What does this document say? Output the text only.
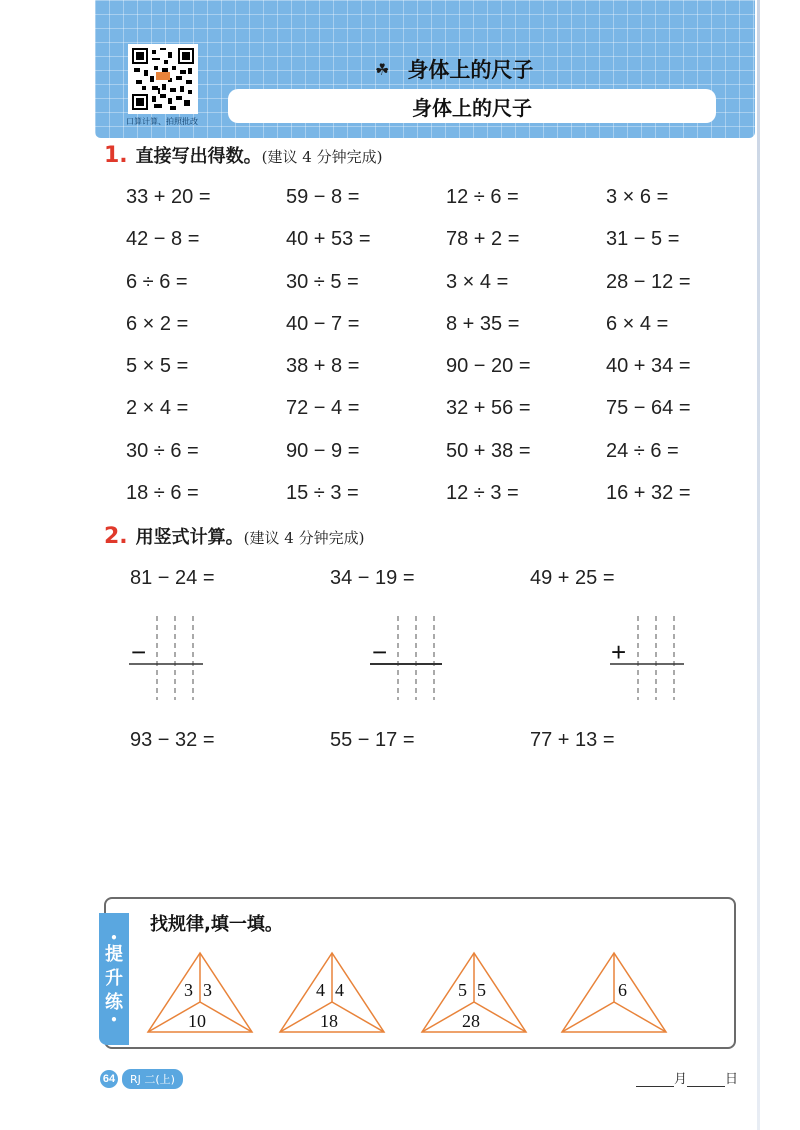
口算计算、拍照批改
☘ 身体上的尺子
身体上的尺子
1. 直接写出得数。 (建议 4 分钟完成)
33 + 20 =	59 − 8 =	12 ÷ 6 =	3 × 6 =
42 − 8 =	40 + 53 =	78 + 2 =	31 − 5 =
6 ÷ 6 =	30 ÷ 5 =	3 × 4 =	28 − 12 =
6 × 2 =	40 − 7 =	8 + 35 =	6 × 4 =
5 × 5 =	38 + 8 =	90 − 20 =	40 + 34 =
2 × 4 =	72 − 4 =	32 + 56 =	75 − 64 =
30 ÷ 6 =	90 − 9 =	50 + 38 =	24 ÷ 6 =
18 ÷ 6 =	15 ÷ 3 =	12 ÷ 3 =	16 + 32 =
2. 用竖式计算。 (建议 4 分钟完成)
81 − 24 =	34 − 19 =	49 + 25 =
−	−	+
93 − 32 =	55 − 17 =	77 + 13 =
•
提
升
练
•
找规律,填一填。
3 3
10
4 4
18
5 5
28
6
64	RJ 二(上)	月	日
